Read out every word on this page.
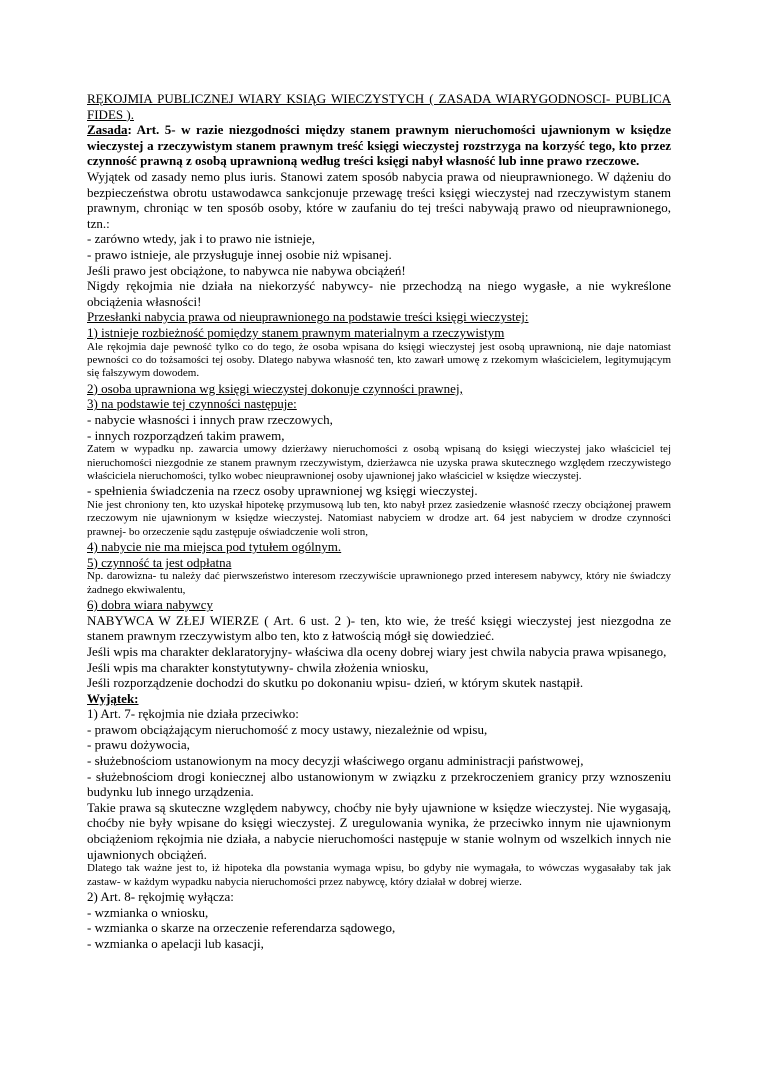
RĘKOJMIA PUBLICZNEJ WIARY KSIĄG WIECZYSTYCH ( ZASADA WIARYGODNOSCI- PUBLICA FIDES ).

Zasada: Art. 5- w razie niezgodności między stanem prawnym nieruchomości ujawnionym w księdze wieczystej a rzeczywistym stanem prawnym treść księgi wieczystej rozstrzyga na korzyść tego, kto przez czynność prawną z osobą uprawnioną według treści księgi nabył własność lub inne prawo rzeczowe.

Wyjątek od zasady nemo plus iuris. Stanowi zatem sposób nabycia prawa od nieuprawnionego. W dążeniu do bezpieczeństwa obrotu ustawodawca sankcjonuje przewagę treści księgi wieczystej nad rzeczywistym stanem prawnym, chroniąc w ten sposób osoby, które w zaufaniu do tej treści nabywają prawo od nieuprawnionego, tzn.:

- zarówno wtedy, jak i to prawo nie istnieje,

- prawo istnieje, ale przysługuje innej osobie niż wpisanej.

Jeśli prawo jest obciążone, to nabywca nie nabywa obciążeń!

Nigdy rękojmia nie działa na niekorzyść nabywcy- nie przechodzą na niego wygasłe, a nie wykreślone obciążenia własności!

Przesłanki nabycia prawa od nieuprawnionego na podstawie treści księgi wieczystej:

1) istnieje rozbieżność pomiędzy stanem prawnym materialnym a rzeczywistym

Ale rękojmia daje pewność tylko co do tego, że osoba wpisana do księgi wieczystej jest osobą uprawnioną, nie daje natomiast pewności co do tożsamości tej osoby. Dlatego nabywa własność ten, kto zawarł umowę z rzekomym właścicielem, legitymującym się fałszywym dowodem.

2) osoba uprawniona wg księgi wieczystej dokonuje czynności prawnej,

3) na podstawie tej czynności następuje:

- nabycie własności i innych praw rzeczowych,

- innych rozporządzeń takim prawem,

Zatem w wypadku np. zawarcia umowy dzierżawy nieruchomości z osobą wpisaną do księgi wieczystej jako właściciel tej nieruchomości niezgodnie ze stanem prawnym rzeczywistym, dzierżawca nie uzyska prawa skutecznego względem rzeczywistego właściciela nieruchomości, tylko wobec nieuprawnionej osoby ujawnionej jako właściciel w księdze wieczystej.

- spełnienia świadczenia na rzecz osoby uprawnionej wg księgi wieczystej.

Nie jest chroniony ten, kto uzyskał hipotekę przymusową lub ten, kto nabył przez zasiedzenie własność rzeczy obciążonej prawem rzeczowym nie ujawnionym w księdze wieczystej. Natomiast nabyciem w drodze art. 64 jest nabyciem w drodze czynności prawnej- bo orzeczenie sądu zastępuje oświadczenie woli stron,

4) nabycie nie ma miejsca pod tytułem ogólnym.

5) czynność ta jest odpłatna

Np. darowizna- tu należy dać pierwszeństwo interesom rzeczywiście uprawnionego przed interesem nabywcy, który nie świadczy żadnego ekwiwalentu,

6) dobra wiara nabywcy

NABYWCA W ZŁEJ WIERZE ( Art. 6 ust. 2 )- ten, kto wie, że treść księgi wieczystej jest niezgodna ze stanem prawnym rzeczywistym albo ten, kto z łatwością mógł się dowiedzieć.

Jeśli wpis ma charakter deklaratoryjny- właściwa dla oceny dobrej wiary jest chwila nabycia prawa wpisanego,

Jeśli wpis ma charakter konstytutywny- chwila złożenia wniosku,

Jeśli rozporządzenie dochodzi do skutku po dokonaniu wpisu- dzień, w którym skutek nastąpił.

Wyjątek:

1) Art. 7- rękojmia nie działa przeciwko:

- prawom obciążającym nieruchomość z mocy ustawy, niezależnie od wpisu,

- prawu dożywocia,

- służebnościom ustanowionym na mocy decyzji właściwego organu administracji państwowej,

- służebnościom drogi koniecznej albo ustanowionym w związku z przekroczeniem granicy przy wznoszeniu budynku lub innego urządzenia.

Takie prawa są skuteczne względem nabywcy, choćby nie były ujawnione w księdze wieczystej. Nie wygasają, choćby nie były wpisane do księgi wieczystej. Z uregulowania wynika, że przeciwko innym nie ujawnionym obciążeniom rękojmia nie działa, a nabycie nieruchomości następuje w stanie wolnym od wszelkich innych nie ujawnionych obciążeń.

Dlatego tak ważne jest to, iż hipoteka dla powstania wymaga wpisu, bo gdyby nie wymagała, to wówczas wygasałaby tak jak zastaw- w każdym wypadku nabycia nieruchomości przez nabywcę, który działał w dobrej wierze.

2) Art. 8- rękojmię wyłącza:

- wzmianka o wniosku,

- wzmianka o skarze na orzeczenie referendarza sądowego,

- wzmianka o apelacji lub kasacji,
